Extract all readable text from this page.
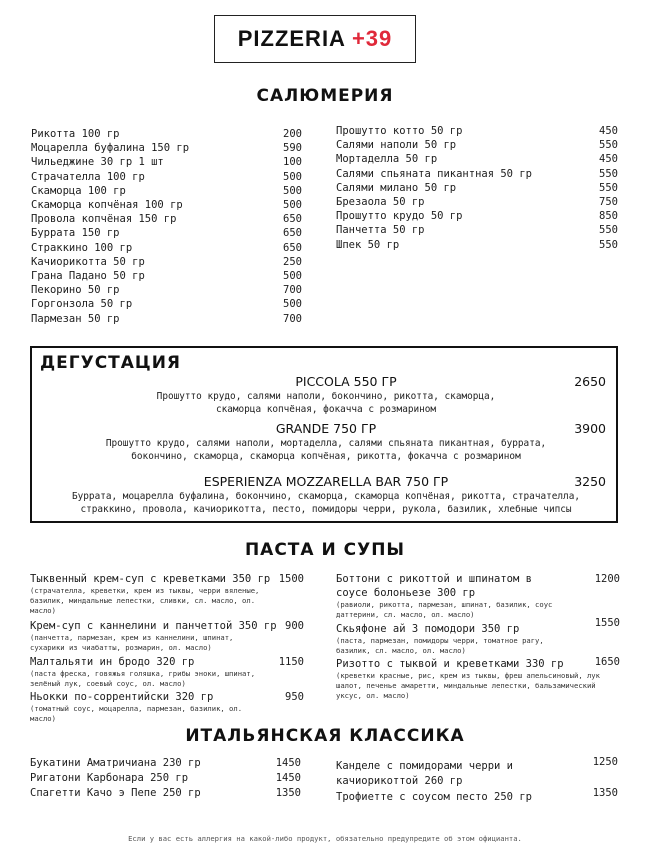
PIZZERIA +39
САЛЮМЕРИЯ
Рикотта 100 гр	200
Моцарелла буфалина 150 гр	590
Чильеджине 30 гр 1 шт	100
Страчателла 100 гр	500
Скаморца 100 гр	500
Скаморца копчёная 100 гр	500
Провола копчёная 150 гр	650
Буррата 150 гр	650
Страккино 100 гр	650
Качиорикотта 50 гр	250
Грана Падано 50 гр	500
Пекорино 50 гр	700
Горгонзола 50 гр	500
Пармезан 50 гр	700
Прошутто котто 50 гр	450
Салями наполи 50 гр	550
Мортаделла 50 гр	450
Салями спьяната пикантная 50 гр	550
Салями милано 50 гр	550
Брезаола 50 гр	750
Прошутто крудо 50 гр	850
Панчетта 50 гр	550
Шпек 50 гр	550
ДЕГУСТАЦИЯ
PICCOLA 550 ГР	2650
Прошутто крудо, салями наполи, бокончино, рикотта, скаморца, скаморца копчёная, фокачча с розмарином
GRANDE 750 ГР	3900
Прошутто крудо, салями наполи, мортаделла, салями спьяната пикантная, буррата, бокончино, скаморца, скаморца копчёная, рикотта, фокачча с розмарином
ESPERIENZA MOZZARELLA BAR 750 ГР	3250
Буррата, моцарелла буфалина, бокончино, скаморца, скаморца копчёная, рикотта, страчателла, страккино, провола, качиорикотта, песто, помидоры черри, рукола, базилик, хлебные чипсы
ПАСТА И СУПЫ
Тыквенный крем-суп с креветками 350 гр 1500
(страчателла, креветки, крем из тыквы, черри вяленые, базилик, миндальные лепестки, сливки, сл. масло, ол. масло)
Крем-суп с каннелини и панчеттой 350 гр 900
(панчетта, пармезан, крем из каннелини, шпинат, сухарики из чиабатты, розмарин, ол. масло)
Малтальяти ин бродо 320 гр	1150
(паста фреска, говяжья голяшка, грибы эноки, шпинат, зелёный лук, соевый соус, ол. масло)
Ньокки по-соррентийски 320 гр	950
(томатный соус, моцарелла, пармезан, базилик, ол. масло)
Боттони с рикоттой и шпинатом в соусе болоньезе 300 гр
1200
(равиоли, рикотта, пармезан, шпинат, базилик, соус даттерини, сл. масло, ол. масло)
Скьяфоне ай 3 помодори 350 гр	1550
(паста, пармезан, помидоры черри, томатное рагу, базилик, сл. масло, ол. масло)
Ризотто с тыквой и креветками 330 гр	1650
(креветки красные, рис, крем из тыквы, фреш апельсиновый, лук шалот, печенье амаретти, миндальные лепестки, бальзамический уксус, ол. масло)
ИТАЛЬЯНСКАЯ КЛАССИКА
Букатини Аматричиана 230 гр	1450
Ригатони Карбонара 250 гр	1450
Спагетти Качо э Пепе 250 гр	1350
Канделе с помидорами черри и качиорикоттой 260 гр
1250
Трофиетте с соусом песто 250 гр	1350
Если у вас есть аллергия на какой-либо продукт, обязательно предупредите об этом официанта.
